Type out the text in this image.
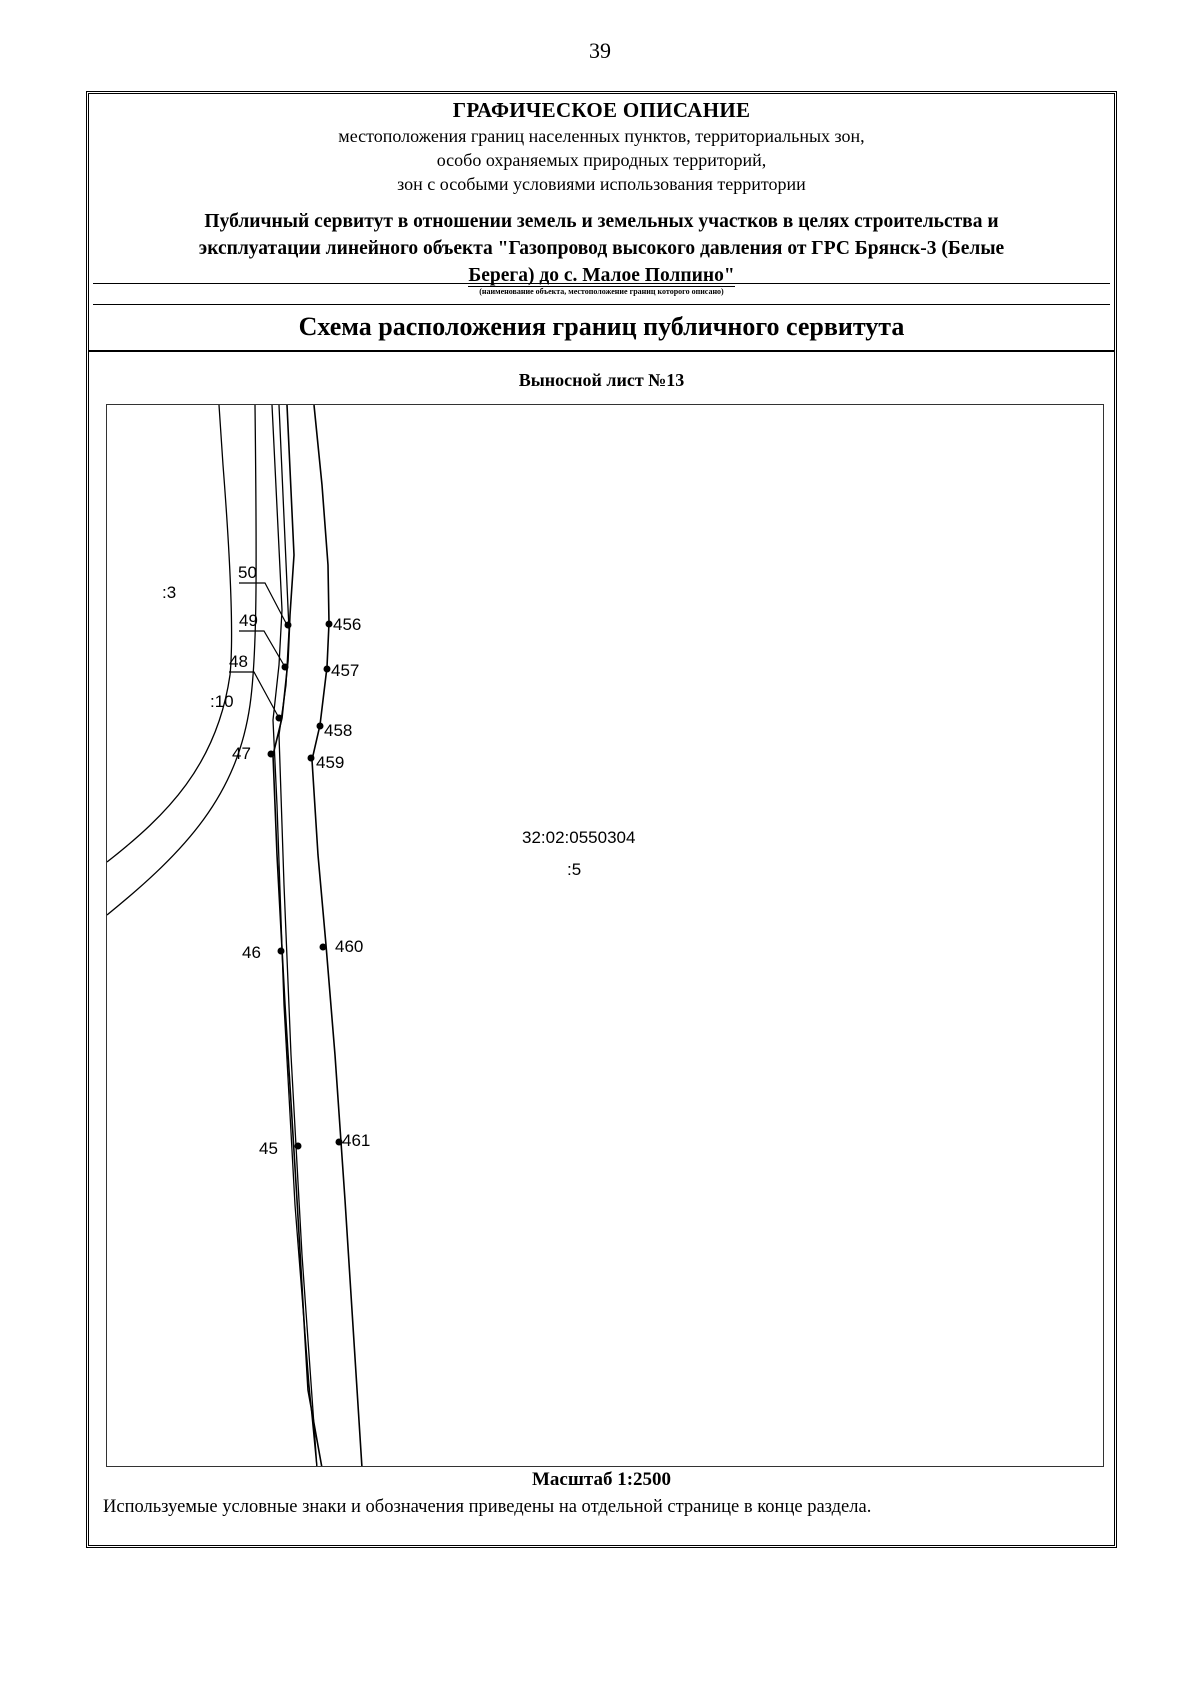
39
ГРАФИЧЕСКОЕ ОПИСАНИЕ
местоположения границ населенных пунктов, территориальных зон,
особо охраняемых природных территорий,
зон с особыми условиями использования территории
Публичный сервитут в отношении земель и земельных участков в целях строительства и
эксплуатации линейного объекта "Газопровод высокого давления от ГРС Брянск-3 (Белые
Берега) до с. Малое Полпино"
(наименование объекта, местоположение границ которого описано)
Схема расположения границ публичного сервитута
Выносной лист №13
50
49
48
47
46
45
456
457
458
459
460
461
:3
:10
32:02:0550304
:5
Масштаб 1:2500
Используемые условные знаки и обозначения приведены на отдельной странице в конце раздела.
